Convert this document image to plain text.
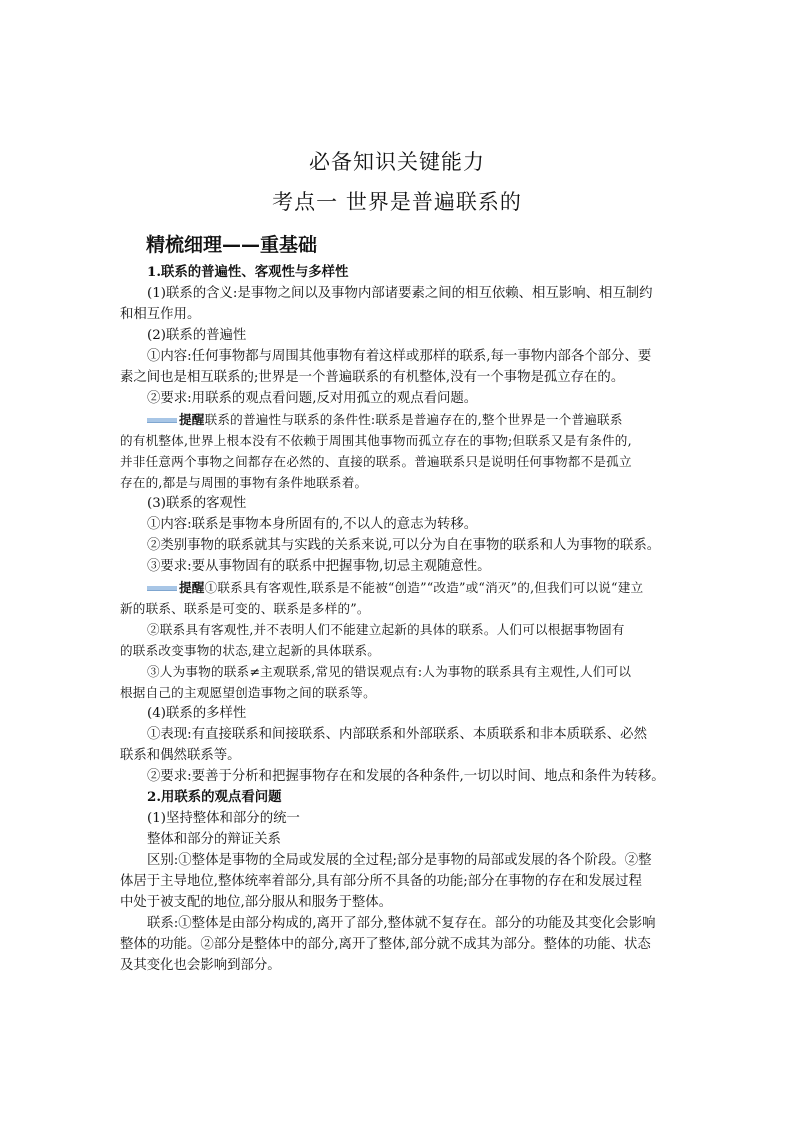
必备知识关键能力
考点一 世界是普遍联系的
精梳细理——重基础

1.联系的普遍性、客观性与多样性

(1)联系的含义:是事物之间以及事物内部诸要素之间的相互依赖、相互影响、相互制约

和相互作用。

(2)联系的普遍性

①内容:任何事物都与周围其他事物有着这样或那样的联系,每一事物内部各个部分、要

素之间也是相互联系的;世界是一个普遍联系的有机整体,没有一个事物是孤立存在的。

②要求:用联系的观点看问题,反对用孤立的观点看问题。

提醒联系的普遍性与联系的条件性:联系是普遍存在的,整个世界是一个普遍联系

的有机整体,世界上根本没有不依赖于周围其他事物而孤立存在的事物;但联系又是有条件的,

并非任意两个事物之间都存在必然的、直接的联系。普遍联系只是说明任何事物都不是孤立

存在的,都是与周围的事物有条件地联系着。

(3)联系的客观性

①内容:联系是事物本身所固有的,不以人的意志为转移。

②类别事物的联系就其与实践的关系来说,可以分为自在事物的联系和人为事物的联系。

③要求:要从事物固有的联系中把握事物,切忌主观随意性。

提醒①联系具有客观性,联系是不能被“创造”“改造”或“消灭”的,但我们可以说“建立

新的联系、联系是可变的、联系是多样的”。

②联系具有客观性,并不表明人们不能建立起新的具体的联系。人们可以根据事物固有

的联系改变事物的状态,建立起新的具体联系。

③人为事物的联系≠主观联系,常见的错误观点有:人为事物的联系具有主观性,人们可以

根据自己的主观愿望创造事物之间的联系等。

(4)联系的多样性

①表现:有直接联系和间接联系、内部联系和外部联系、本质联系和非本质联系、必然

联系和偶然联系等。

②要求:要善于分析和把握事物存在和发展的各种条件,一切以时间、地点和条件为转移。

2.用联系的观点看问题

(1)坚持整体和部分的统一

整体和部分的辩证关系

区别:①整体是事物的全局或发展的全过程;部分是事物的局部或发展的各个阶段。②整

体居于主导地位,整体统率着部分,具有部分所不具备的功能;部分在事物的存在和发展过程

中处于被支配的地位,部分服从和服务于整体。

联系:①整体是由部分构成的,离开了部分,整体就不复存在。部分的功能及其变化会影响

整体的功能。②部分是整体中的部分,离开了整体,部分就不成其为部分。整体的功能、状态

及其变化也会影响到部分。
